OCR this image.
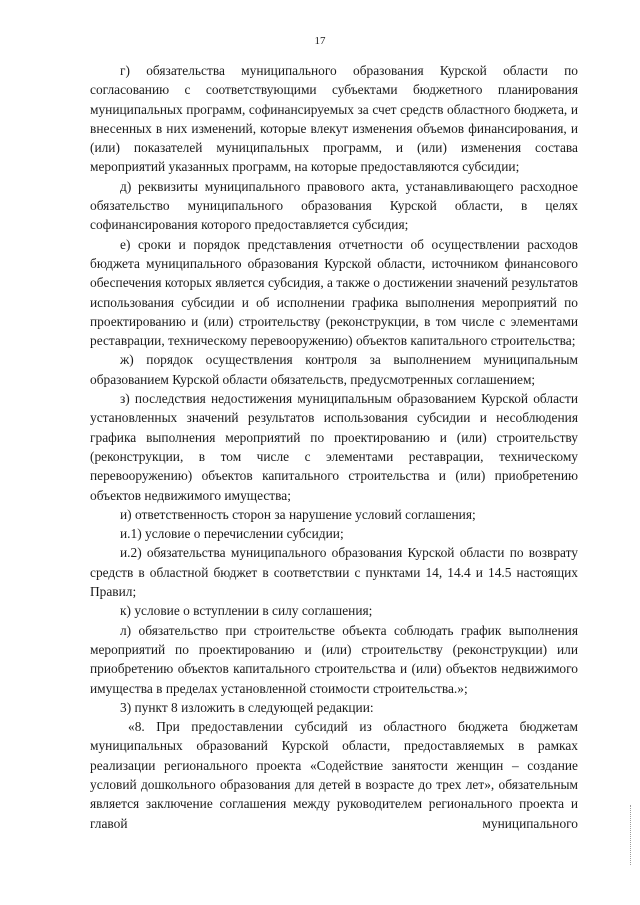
17

г) обязательства муниципального образования Курской области по согласованию с соответствующими субъектами бюджетного планирования муниципальных программ, софинансируемых за счет средств областного бюджета, и внесенных в них изменений, которые влекут изменения объемов финансирования, и (или) показателей муниципальных программ, и (или) изменения состава мероприятий указанных программ, на которые предоставляются субсидии;

д) реквизиты муниципального правового акта, устанавливающего расходное обязательство муниципального образования Курской области, в целях софинансирования которого предоставляется субсидия;

е) сроки и порядок представления отчетности об осуществлении расходов бюджета муниципального образования Курской области, источником финансового обеспечения которых является субсидия, а также о достижении значений результатов использования субсидии и об исполнении графика выполнения мероприятий по проектированию и (или) строительству (реконструкции, в том числе с элементами реставрации, техническому перевооружению) объектов капитального строительства;

ж) порядок осуществления контроля за выполнением муниципальным образованием Курской области обязательств, предусмотренных соглашением;

з) последствия недостижения муниципальным образованием Курской области установленных значений результатов использования субсидии и несоблюдения графика выполнения мероприятий по проектированию и (или) строительству (реконструкции, в том числе с элементами реставрации, техническому перевооружению) объектов капитального строительства и (или) приобретению объектов недвижимого имущества;

и) ответственность сторон за нарушение условий соглашения;

и.1) условие о перечислении субсидии;

и.2) обязательства муниципального образования Курской области по возврату средств в областной бюджет в соответствии с пунктами 14, 14.4 и 14.5 настоящих Правил;

к) условие о вступлении в силу соглашения;

л) обязательство при строительстве объекта соблюдать график выполнения мероприятий по проектированию и (или) строительству (реконструкции) или приобретению объектов капитального строительства и (или) объектов недвижимого имущества в пределах установленной стоимости строительства.»;

3) пункт 8 изложить в следующей редакции:

«8. При предоставлении субсидий из областного бюджета бюджетам муниципальных образований Курской области, предоставляемых в рамках реализации регионального проекта «Содействие занятости женщин – создание условий дошкольного образования для детей в возрасте до трех лет», обязательным является заключение соглашения между руководителем регионального проекта и главой муниципального
